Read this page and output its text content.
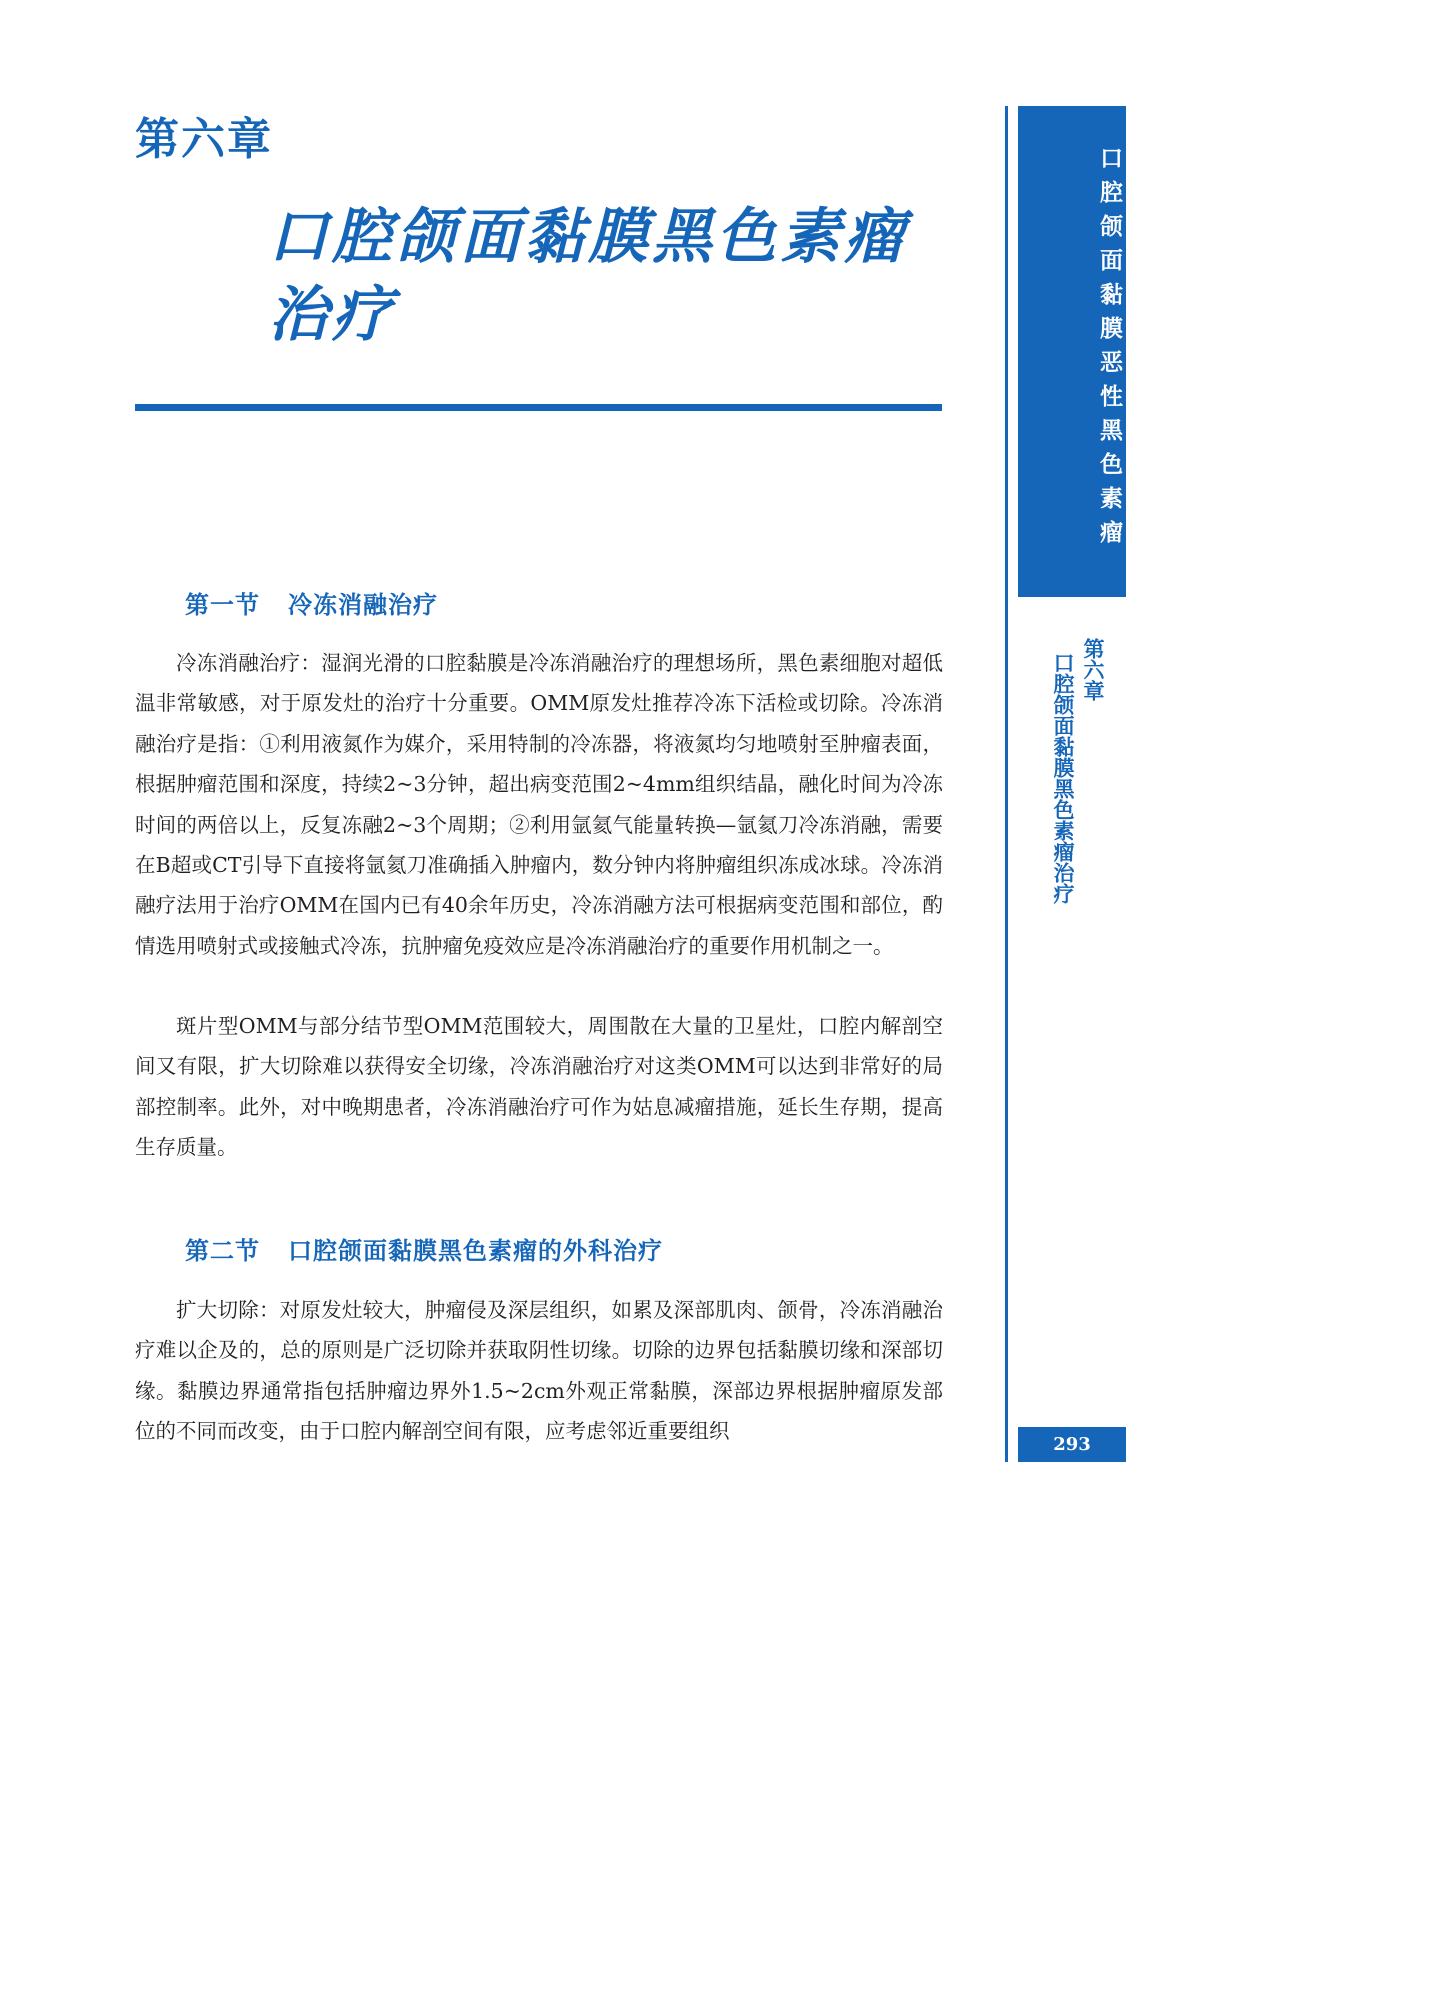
第六章
口腔颌面黏膜黑色素瘤治疗
第一节 冷冻消融治疗

冷冻消融治疗：湿润光滑的口腔黏膜是冷冻消融治疗的理想场所，黑色素细胞对超低温非常敏感，对于原发灶的治疗十分重要。OMM原发灶推荐冷冻下活检或切除。冷冻消融治疗是指：①利用液氮作为媒介，采用特制的冷冻器，将液氮均匀地喷射至肿瘤表面，根据肿瘤范围和深度，持续2~3分钟，超出病变范围2~4mm组织结晶，融化时间为冷冻时间的两倍以上，反复冻融2~3个周期；②利用氩氦气能量转换—氩氦刀冷冻消融，需要在B超或CT引导下直接将氩氦刀准确插入肿瘤内，数分钟内将肿瘤组织冻成冰球。冷冻消融疗法用于治疗OMM在国内已有40余年历史，冷冻消融方法可根据病变范围和部位，酌情选用喷射式或接触式冷冻，抗肿瘤免疫效应是冷冻消融治疗的重要作用机制之一。

斑片型OMM与部分结节型OMM范围较大，周围散在大量的卫星灶，口腔内解剖空间又有限，扩大切除难以获得安全切缘，冷冻消融治疗对这类OMM可以达到非常好的局部控制率。此外，对中晚期患者，冷冻消融治疗可作为姑息减瘤措施，延长生存期，提高生存质量。

第二节 口腔颌面黏膜黑色素瘤的外科治疗

扩大切除：对原发灶较大，肿瘤侵及深层组织，如累及深部肌肉、颌骨，冷冻消融治疗难以企及的，总的原则是广泛切除并获取阴性切缘。切除的边界包括黏膜切缘和深部切缘。黏膜边界通常指包括肿瘤边界外1.5~2cm外观正常黏膜，深部边界根据肿瘤原发部位的不同而改变，由于口腔内解剖空间有限，应考虑邻近重要组织

口腔颌面黏膜恶性黑色素瘤
第六章
口腔颌面黏膜黑色素瘤治疗
293
